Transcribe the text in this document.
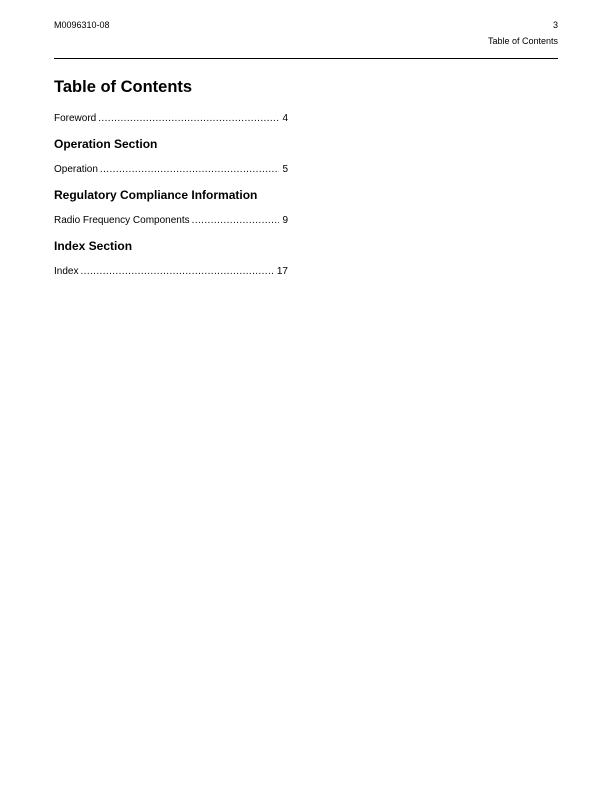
M0096310-08	3
Table of Contents
Table of Contents
Foreword .....	4
Operation Section
Operation .....	5
Regulatory Compliance Information
Radio Frequency Components .....	9
Index Section
Index .....	17
